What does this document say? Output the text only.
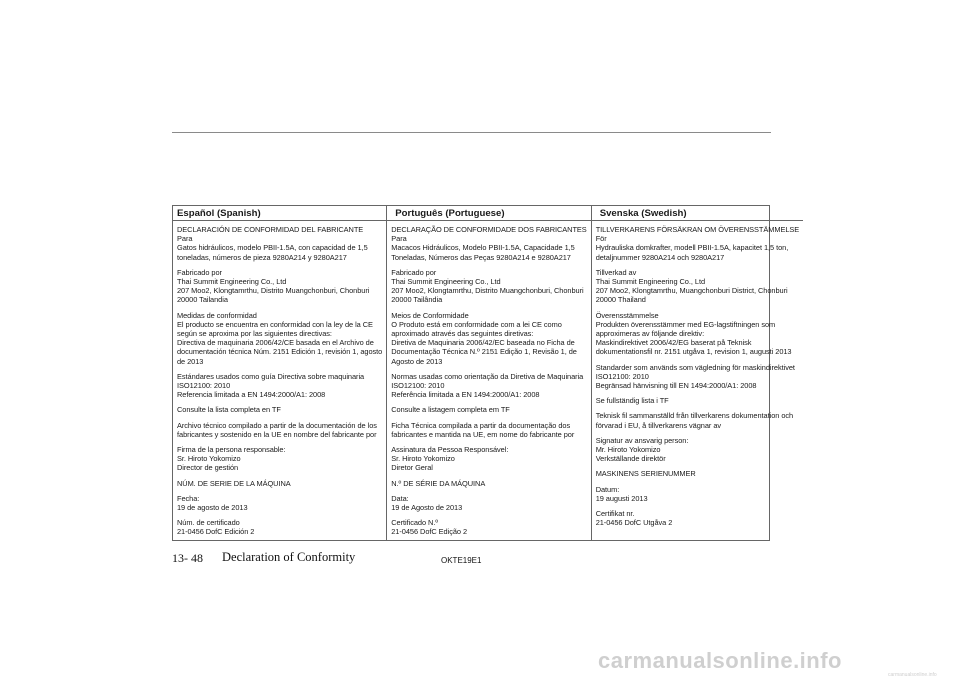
Español (Spanish)
DECLARACIÓN DE CONFORMIDAD DEL FABRICANTE
Para
Gatos hidráulicos, modelo PBII-1.5A, con capacidad de 1,5
toneladas, números de pieza 9280A214 y 9280A217
Fabricado por
Thai Summit Engineering Co., Ltd
207 Moo2, Klongtamrthu, Distrito Muangchonburi, Chonburi
20000 Tailandia
Medidas de conformidad
El producto se encuentra en conformidad con la ley de la CE
según se aproxima por las siguientes directivas:
Directiva de maquinaria 2006/42/CE basada en el Archivo de
documentación técnica Núm. 2151 Edición 1, revisión 1, agosto
de 2013
Estándares usados como guía Directiva sobre maquinaria
ISO12100: 2010
Referencia limitada a EN 1494:2000/A1: 2008
Consulte la lista completa en TF
Archivo técnico compilado a partir de la documentación de los
fabricantes y sostenido en la UE en nombre del fabricante por
Firma de la persona responsable:
Sr. Hiroto Yokomizo
Director de gestión
NÚM. DE SERIE DE LA MÁQUINA
Fecha:
19 de agosto de 2013
Núm. de certificado
21-0456 DofC Edición 2
Português (Portuguese)
DECLARAÇÃO DE CONFORMIDADE DOS FABRICANTES
Para
Macacos Hidráulicos, Modelo PBII-1.5A, Capacidade 1,5
Toneladas, Números das Peças 9280A214 e 9280A217
Fabricado por
Thai Summit Engineering Co., Ltd
207 Moo2, Klongtamrthu, Distrito Muangchonburi, Chonburi
20000 Tailândia
Meios de Conformidade
O Produto está em conformidade com a lei CE como
aproximado através das seguintes diretivas:
Diretiva de Maquinaria 2006/42/EC baseada no Ficha de
Documentação Técnica N.º 2151 Edição 1, Revisão 1, de
Agosto de 2013
Normas usadas como orientação da Diretiva de Maquinaria
ISO12100: 2010
Referência limitada a EN 1494:2000/A1: 2008
Consulte a listagem completa em TF
Ficha Técnica compilada a partir da documentação dos
fabricantes e mantida na UE, em nome do fabricante por
Assinatura da Pessoa Responsável:
Sr. Hiroto Yokomizo
Diretor Geral
N.º DE SÉRIE DA MÁQUINA
Data:
19 de Agosto de 2013
Certificado N.º
21-0456 DofC Edição 2
Svenska (Swedish)
TILLVERKARENS FÖRSÄKRAN OM ÖVERENSSTÄMMELSE
För
Hydrauliska domkrafter, modell PBII-1.5A, kapacitet 1,5 ton,
detaljnummer 9280A214 och 9280A217
Tillverkad av
Thai Summit Engineering Co., Ltd
207 Moo2, Klongtamrthu, Muangchonburi District, Chonburi
20000 Thailand
Överensstämmelse
Produkten överensstämmer med EG-lagstiftningen som
approximeras av följande direktiv:
Maskindirektivet 2006/42/EG baserat på Teknisk
dokumentationsfil nr. 2151 utgåva 1, revision 1, augusti 2013
Standarder som används som vägledning för maskindirektivet
ISO12100: 2010
Begränsad hänvisning till EN 1494:2000/A1: 2008
Se fullständig lista i TF
Teknisk fil sammanställd från tillverkarens dokumentation och
förvarad i EU, å tillverkarens vägnar av
Signatur av ansvarig person:
Mr. Hiroto Yokomizo
Verkställande direktör
MASKINENS SERIENUMMER
Datum:
19 augusti 2013
Certifikat nr.
21-0456 DofC Utgåva 2
13- 48 Declaration of Conformity	OKTE19E1
carmanualsonline.info
carmanualsonline.info
